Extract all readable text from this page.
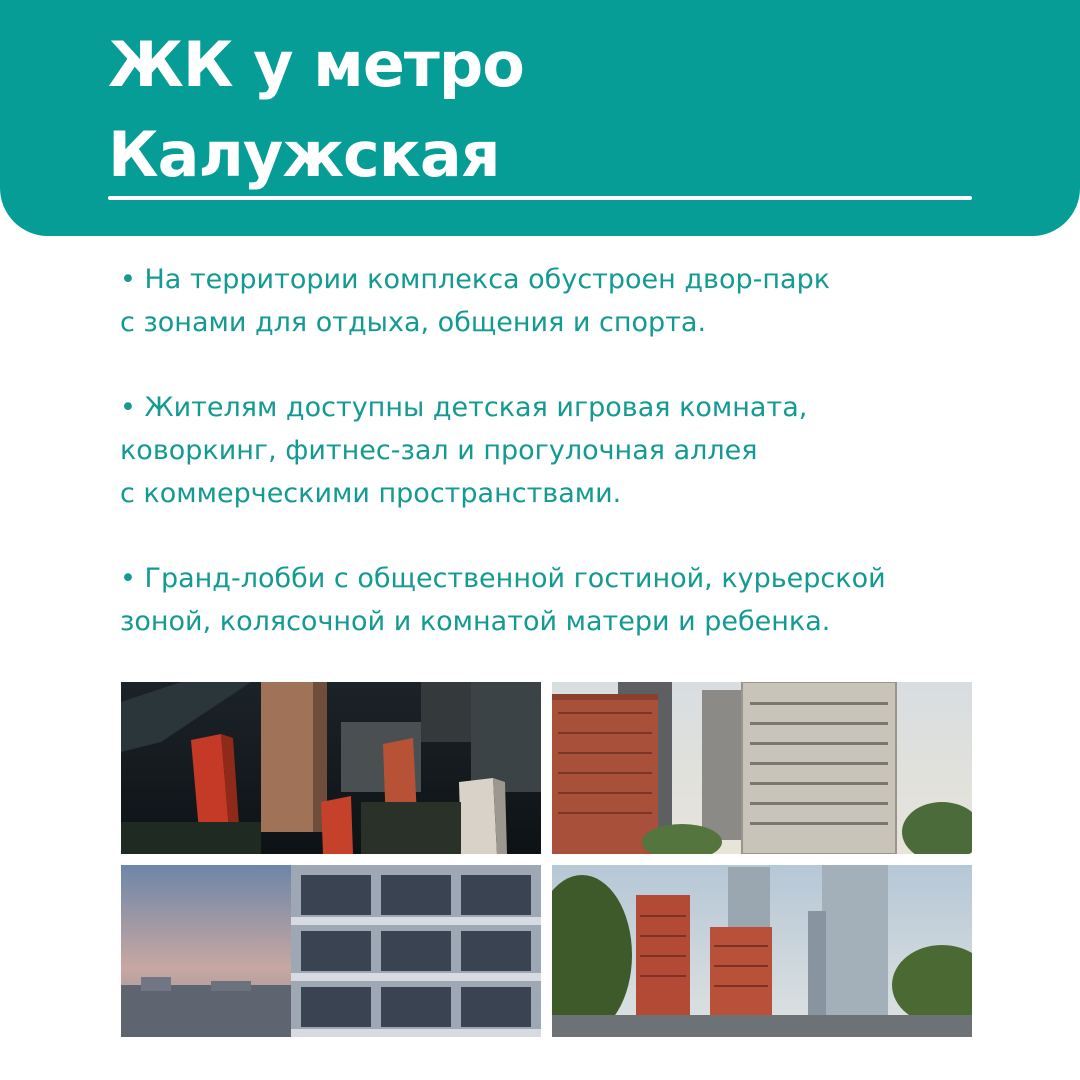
ЖК у метро
Калужская

• На территории комплекса обустроен двор-парк
с зонами для отдыха, общения и спорта.

• Жителям доступны детская игровая комната,
коворкинг, фитнес-зал и прогулочная аллея
с коммерческими пространствами.

• Гранд-лобби с общественной гостиной, курьерской
зоной, колясочной и комнатой матери и ребенка.
